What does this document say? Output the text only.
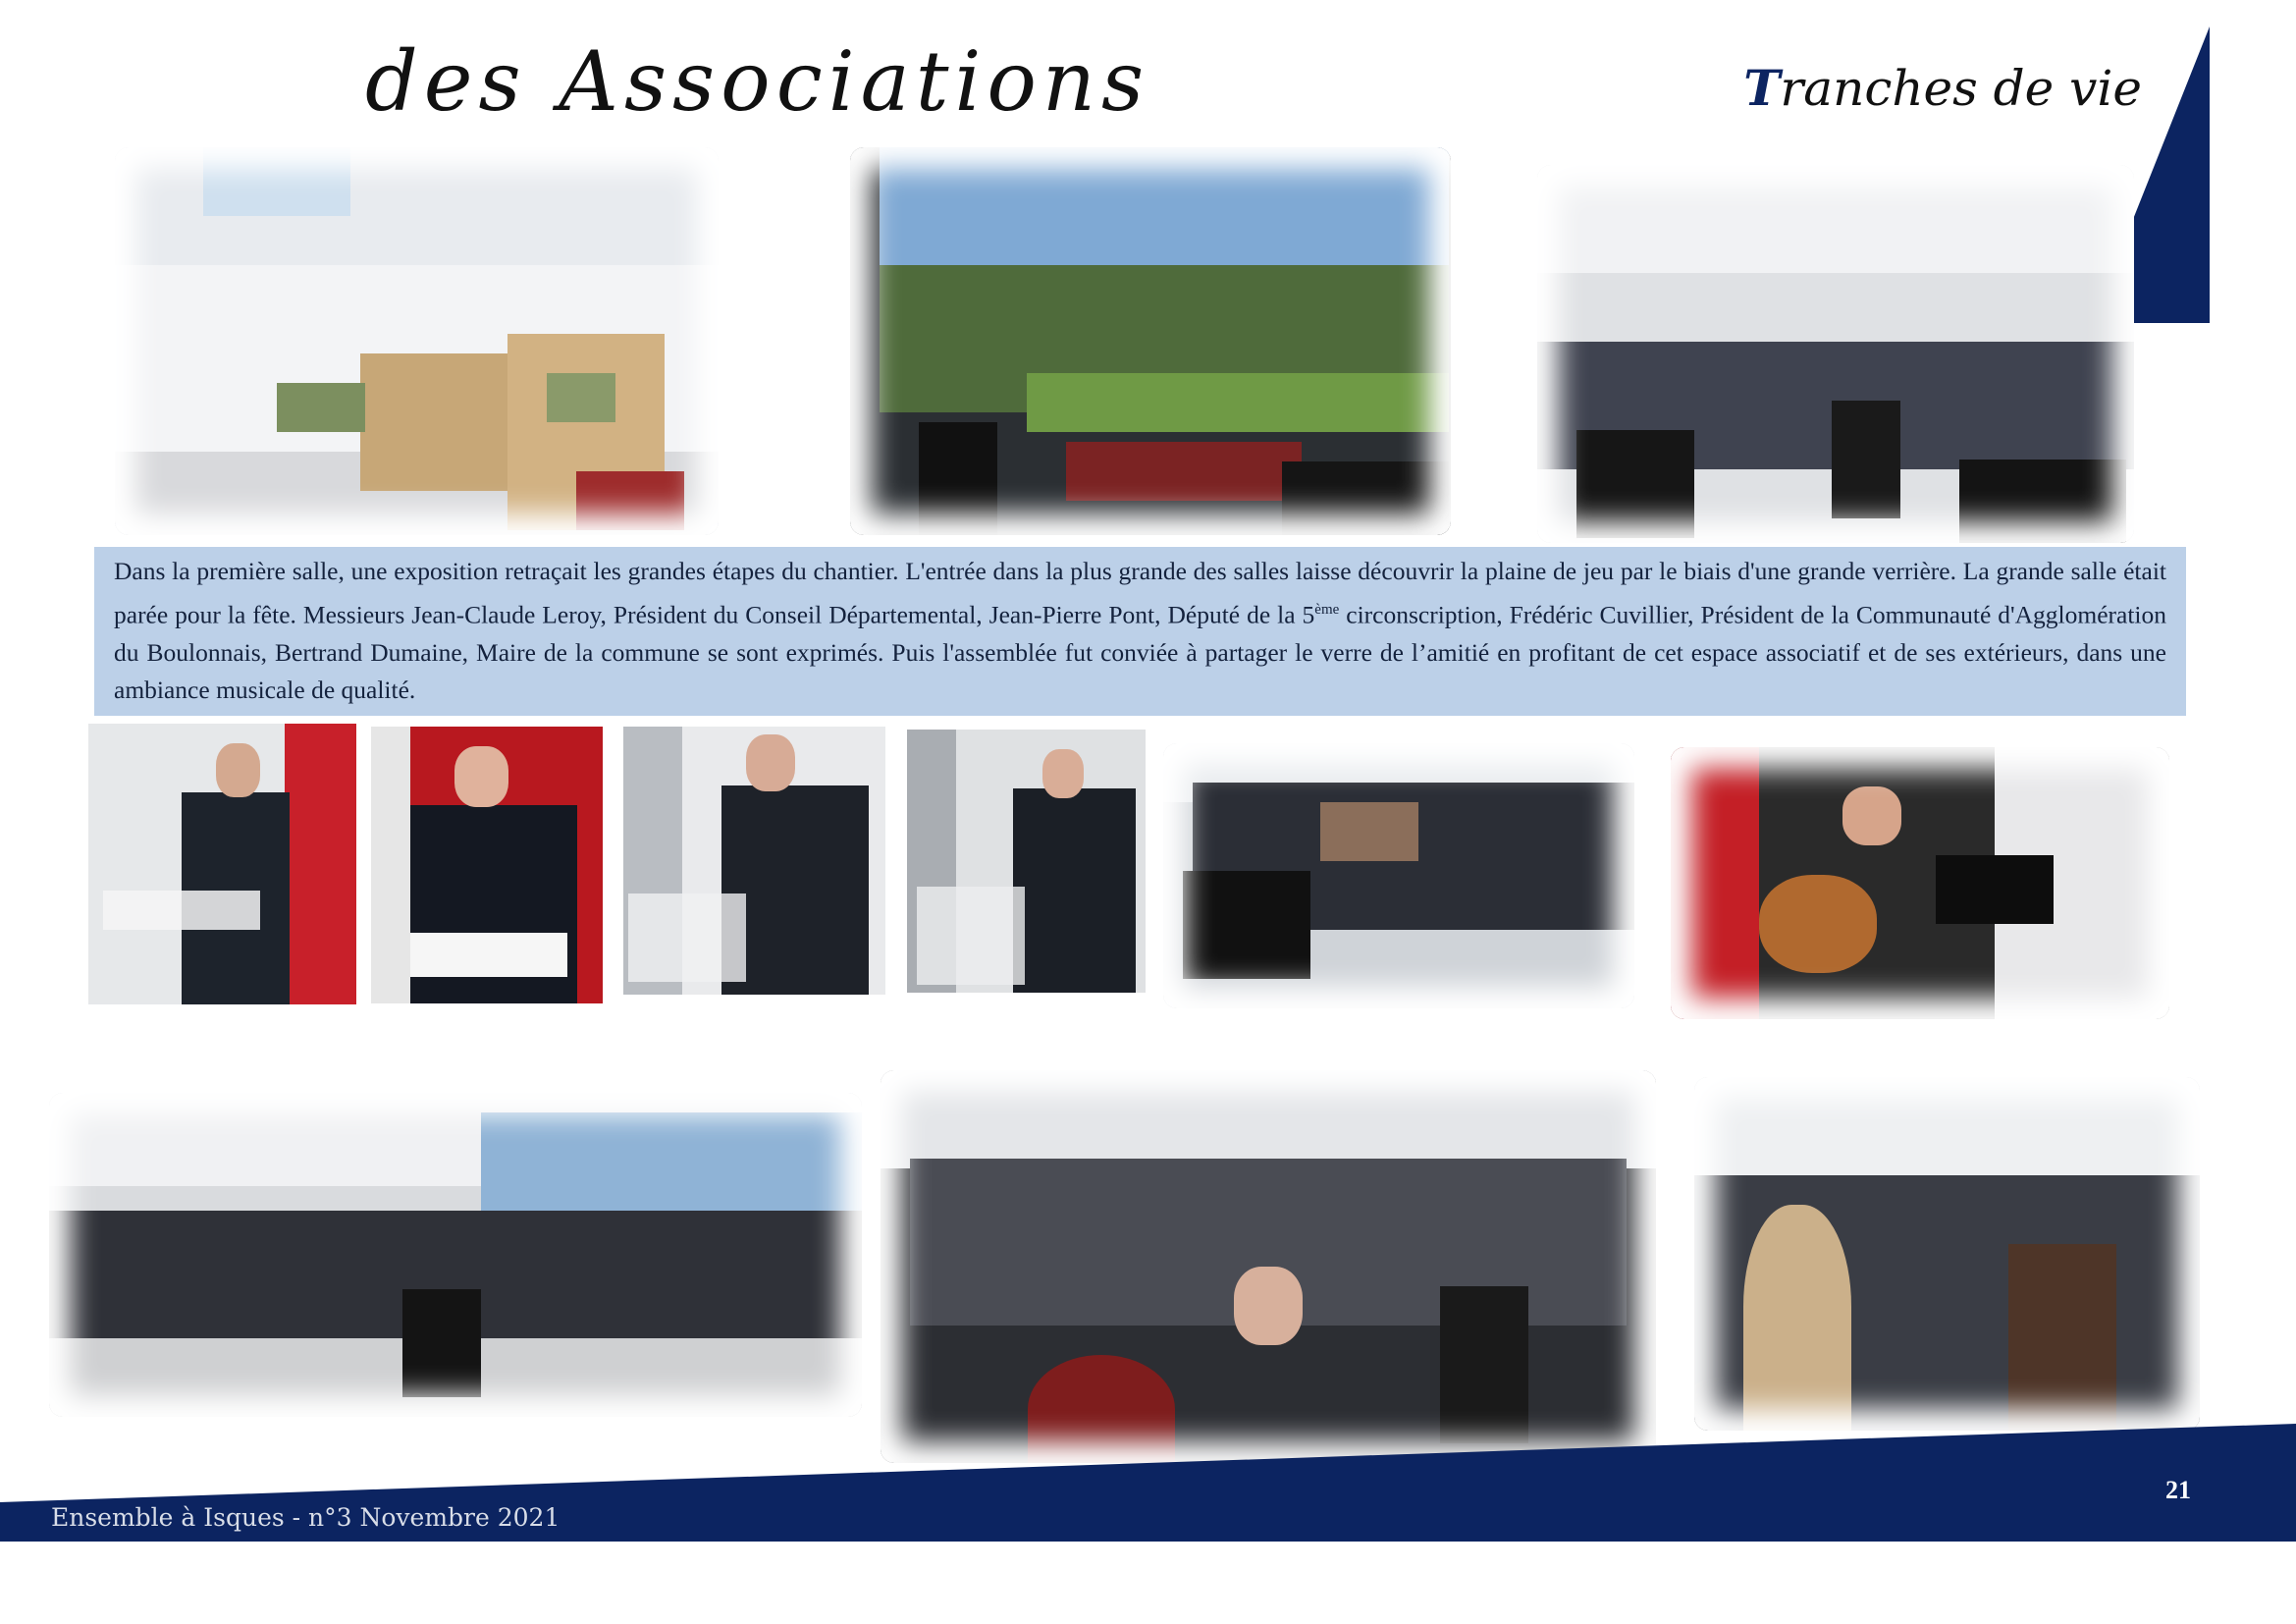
des Associations	Tranches de vie
Dans la première salle, une exposition retraçait les grandes étapes du chantier. L'entrée dans la plus grande des salles laisse découvrir la plaine de jeu par le biais d'une grande verrière. La grande salle était parée pour la fête. Messieurs Jean-Claude Leroy, Président du Conseil Départemental, Jean-Pierre Pont, Député de la 5ème circonscription, Frédéric Cuvillier, Président de la Communauté d'Agglomération du Boulonnais, Bertrand Dumaine, Maire de la commune se sont exprimés. Puis l'assemblée fut conviée à partager le verre de l’amitié en profitant de cet espace associatif et de ses extérieurs, dans une ambiance musicale de qualité.
Ensemble à Isques - n°3 Novembre 2021
21
